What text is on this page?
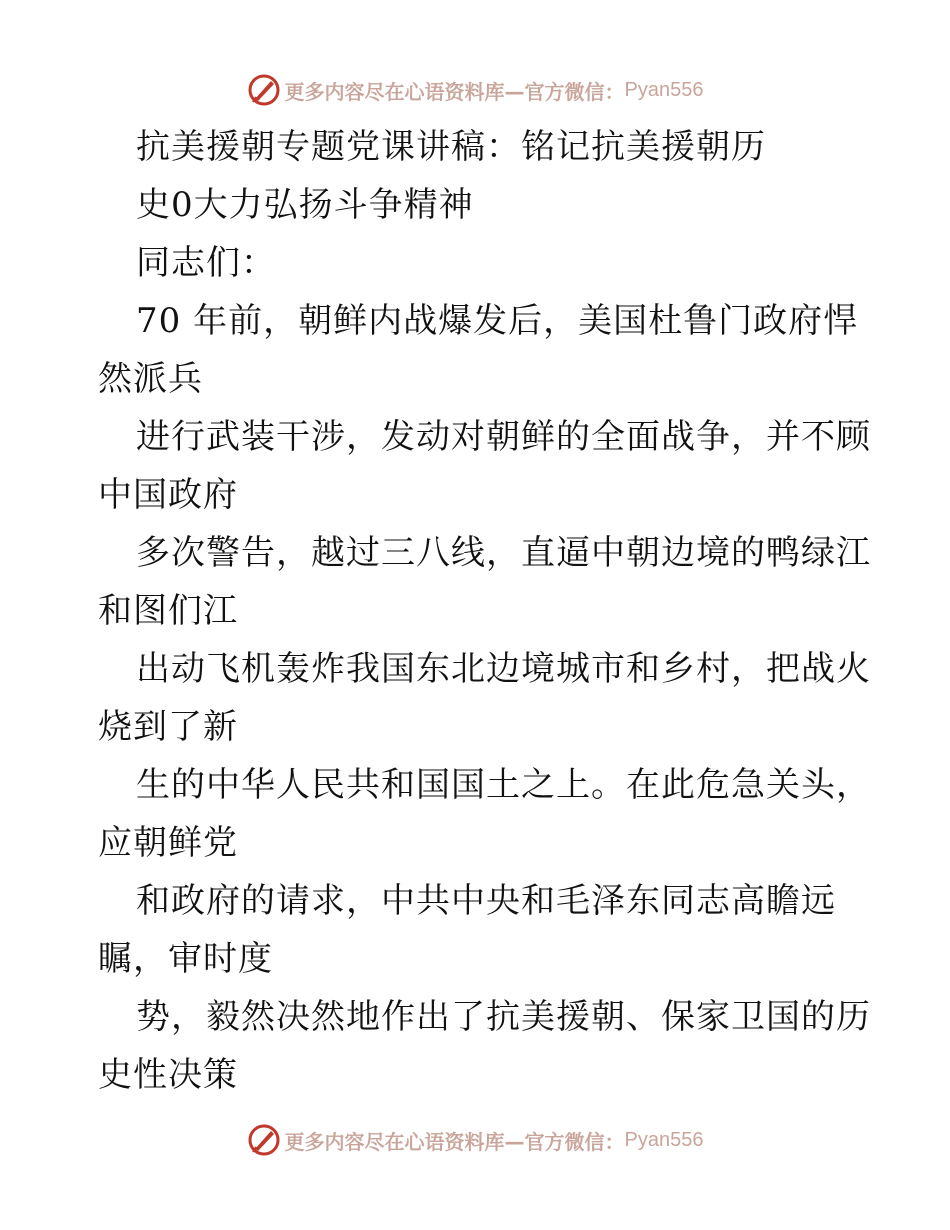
更多内容尽在心语资料库—官方微信： Pyan556
抗美援朝专题党课讲稿：铭记抗美援朝历
史0大力弘扬斗争精神
同志们：
70 年前，朝鲜内战爆发后，美国杜鲁门政府悍
然派兵
进行武装干涉，发动对朝鲜的全面战争，并不顾
中国政府
多次警告，越过三八线，直逼中朝边境的鸭绿江
和图们江
出动飞机轰炸我国东北边境城市和乡村，把战火
烧到了新
生的中华人民共和国国土之上。在此危急关头，
应朝鲜党
和政府的请求，中共中央和毛泽东同志高瞻远
瞩，审时度
势，毅然决然地作出了抗美援朝、保家卫国的历
史性决策
更多内容尽在心语资料库—官方微信： Pyan556
